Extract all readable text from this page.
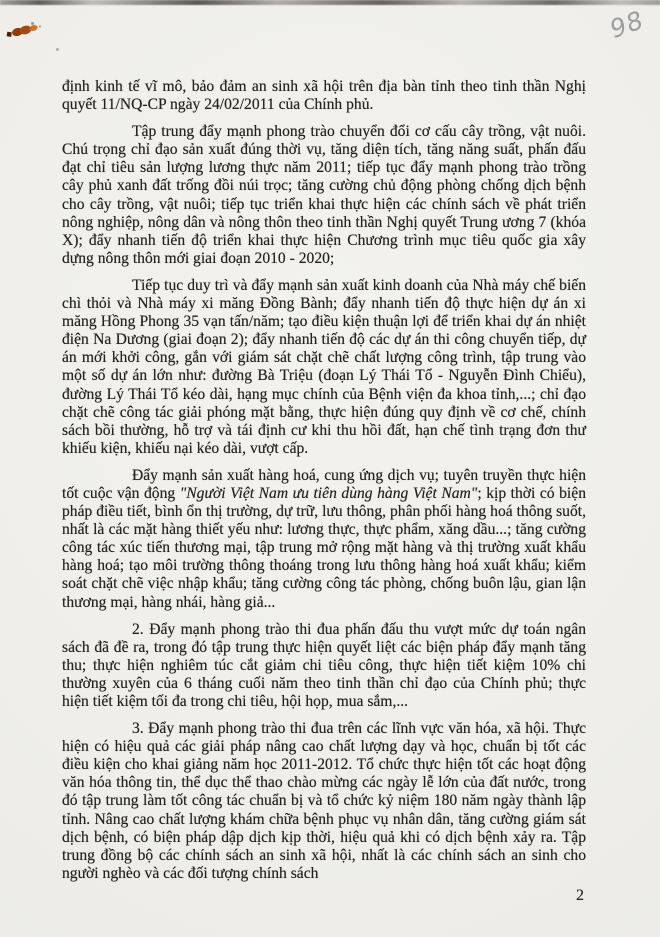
98

định kinh tế vĩ mô, bảo đảm an sinh xã hội trên địa bàn tỉnh theo tinh thần Nghị quyết 11/NQ-CP ngày 24/02/2011 của Chính phủ.

Tập trung đẩy mạnh phong trào chuyển đổi cơ cấu cây trồng, vật nuôi. Chú trọng chỉ đạo sản xuất đúng thời vụ, tăng diện tích, tăng năng suất, phấn đấu đạt chỉ tiêu sản lượng lương thực năm 2011; tiếp tục đẩy mạnh phong trào trồng cây phủ xanh đất trống đồi núi trọc; tăng cường chủ động phòng chống dịch bệnh cho cây trồng, vật nuôi; tiếp tục triển khai thực hiện các chính sách về phát triển nông nghiệp, nông dân và nông thôn theo tinh thần Nghị quyết Trung ương 7 (khóa X); đẩy nhanh tiến độ triển khai thực hiện Chương trình mục tiêu quốc gia xây dựng nông thôn mới giai đoạn 2010 - 2020;

Tiếp tục duy trì và đẩy mạnh sản xuất kinh doanh của Nhà máy chế biến chì thỏi và Nhà máy xi măng Đồng Bành; đẩy nhanh tiến độ thực hiện dự án xi măng Hồng Phong 35 vạn tấn/năm; tạo điều kiện thuận lợi để triển khai dự án nhiệt điện Na Dương (giai đoạn 2); đẩy nhanh tiến độ các dự án thi công chuyển tiếp, dự án mới khởi công, gắn với giám sát chặt chẽ chất lượng công trình, tập trung vào một số dự án lớn như: đường Bà Triệu (đoạn Lý Thái Tổ - Nguyễn Đình Chiểu), đường Lý Thái Tổ kéo dài, hạng mục chính của Bệnh viện đa khoa tỉnh,...; chỉ đạo chặt chẽ công tác giải phóng mặt bằng, thực hiện đúng quy định về cơ chế, chính sách bồi thường, hỗ trợ và tái định cư khi thu hồi đất, hạn chế tình trạng đơn thư khiếu kiện, khiếu nại kéo dài, vượt cấp.

Đẩy mạnh sản xuất hàng hoá, cung ứng dịch vụ; tuyên truyền thực hiện tốt cuộc vận động "Người Việt Nam ưu tiên dùng hàng Việt Nam"; kịp thời có biện pháp điều tiết, bình ổn thị trường, dự trữ, lưu thông, phân phối hàng hoá thông suốt, nhất là các mặt hàng thiết yếu như: lương thực, thực phẩm, xăng dầu...; tăng cường công tác xúc tiến thương mại, tập trung mở rộng mặt hàng và thị trường xuất khẩu hàng hoá; tạo môi trường thông thoáng trong lưu thông hàng hoá xuất khẩu; kiểm soát chặt chẽ việc nhập khẩu; tăng cường công tác phòng, chống buôn lậu, gian lận thương mại, hàng nhái, hàng giả...

2. Đẩy mạnh phong trào thi đua phấn đấu thu vượt mức dự toán ngân sách đã đề ra, trong đó tập trung thực hiện quyết liệt các biện pháp đẩy mạnh tăng thu; thực hiện nghiêm túc cắt giảm chi tiêu công, thực hiện tiết kiệm 10% chi thường xuyên của 6 tháng cuối năm theo tinh thần chỉ đạo của Chính phủ; thực hiện tiết kiệm tối đa trong chi tiêu, hội họp, mua sắm,...

3. Đẩy mạnh phong trào thi đua trên các lĩnh vực văn hóa, xã hội. Thực hiện có hiệu quả các giải pháp nâng cao chất lượng dạy và học, chuẩn bị tốt các điều kiện cho khai giảng năm học 2011-2012. Tổ chức thực hiện tốt các hoạt động văn hóa thông tin, thể dục thể thao chào mừng các ngày lễ lớn của đất nước, trong đó tập trung làm tốt công tác chuẩn bị và tổ chức kỷ niệm 180 năm ngày thành lập tỉnh. Nâng cao chất lượng khám chữa bệnh phục vụ nhân dân, tăng cường giám sát dịch bệnh, có biện pháp dập dịch kịp thời, hiệu quả khi có dịch bệnh xảy ra. Tập trung đồng bộ các chính sách an sinh xã hội, nhất là các chính sách an sinh cho người nghèo và các đối tượng chính sách

2
